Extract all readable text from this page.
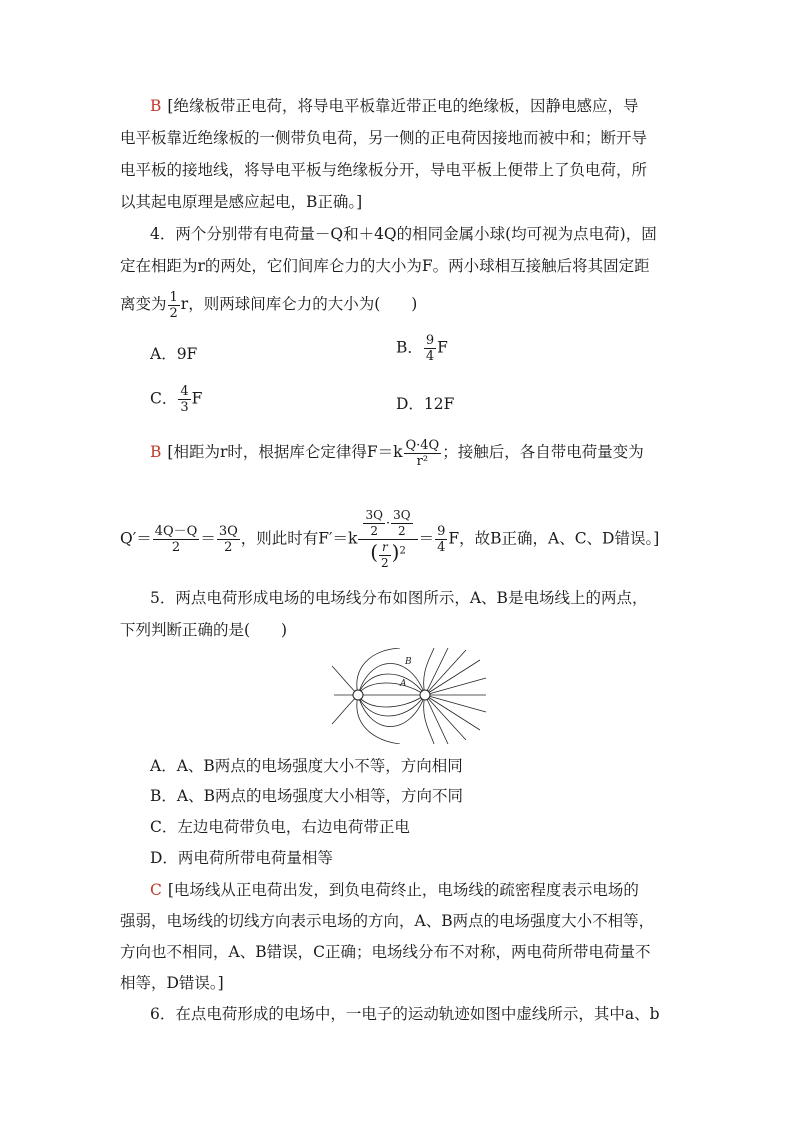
B [绝缘板带正电荷，将导电平板靠近带正电的绝缘板，因静电感应，导
电平板靠近绝缘板的一侧带负电荷，另一侧的正电荷因接地而被中和；断开导
电平板的接地线，将导电平板与绝缘板分开，导电平板上便带上了负电荷，所
以其起电原理是感应起电，B正确。]
4．两个分别带有电荷量－Q和＋4Q的相同金属小球(均可视为点电荷)，固
定在相距为r的两处，它们间库仑力的大小为F。两小球相互接触后将其固定距
离变为 $\frac{1}{2}$ r，则两球间库仑力的大小为(　　)
A．9F	B． $\frac{9}{4}$ F
C． $\frac{4}{3}$ F	D．12F
B [相距为r时，根据库仑定律得$F=k \frac{Q\cdot 4Q}{\text{r²}}$ ；接触后，各自带电荷量变为
$Q'= \frac{4Q-Q}{2} = \frac{3Q}{2}$ ，则此时有$F'=k \frac{\frac{3Q}{2} \cdot \frac{3Q}{2}}{( \frac{r}{2} )^2} = \frac{9}{4}$ F，故B正确，A、C、D错误。]
5．两点电荷形成电场的电场线分布如图所示，A、B是电场线上的两点，
下列判断正确的是(　　)
B
A
A．A、B两点的电场强度大小不等，方向相同
B．A、B两点的电场强度大小相等，方向不同
C．左边电荷带负电，右边电荷带正电
D．两电荷所带电荷量相等
C [电场线从正电荷出发，到负电荷终止，电场线的疏密程度表示电场的
强弱，电场线的切线方向表示电场的方向，A、B两点的电场强度大小不相等，
方向也不相同，A、B错误，C正确；电场线分布不对称，两电荷所带电荷量不
相等，D错误。]
6．在点电荷形成的电场中，一电子的运动轨迹如图中虚线所示，其中a、b
